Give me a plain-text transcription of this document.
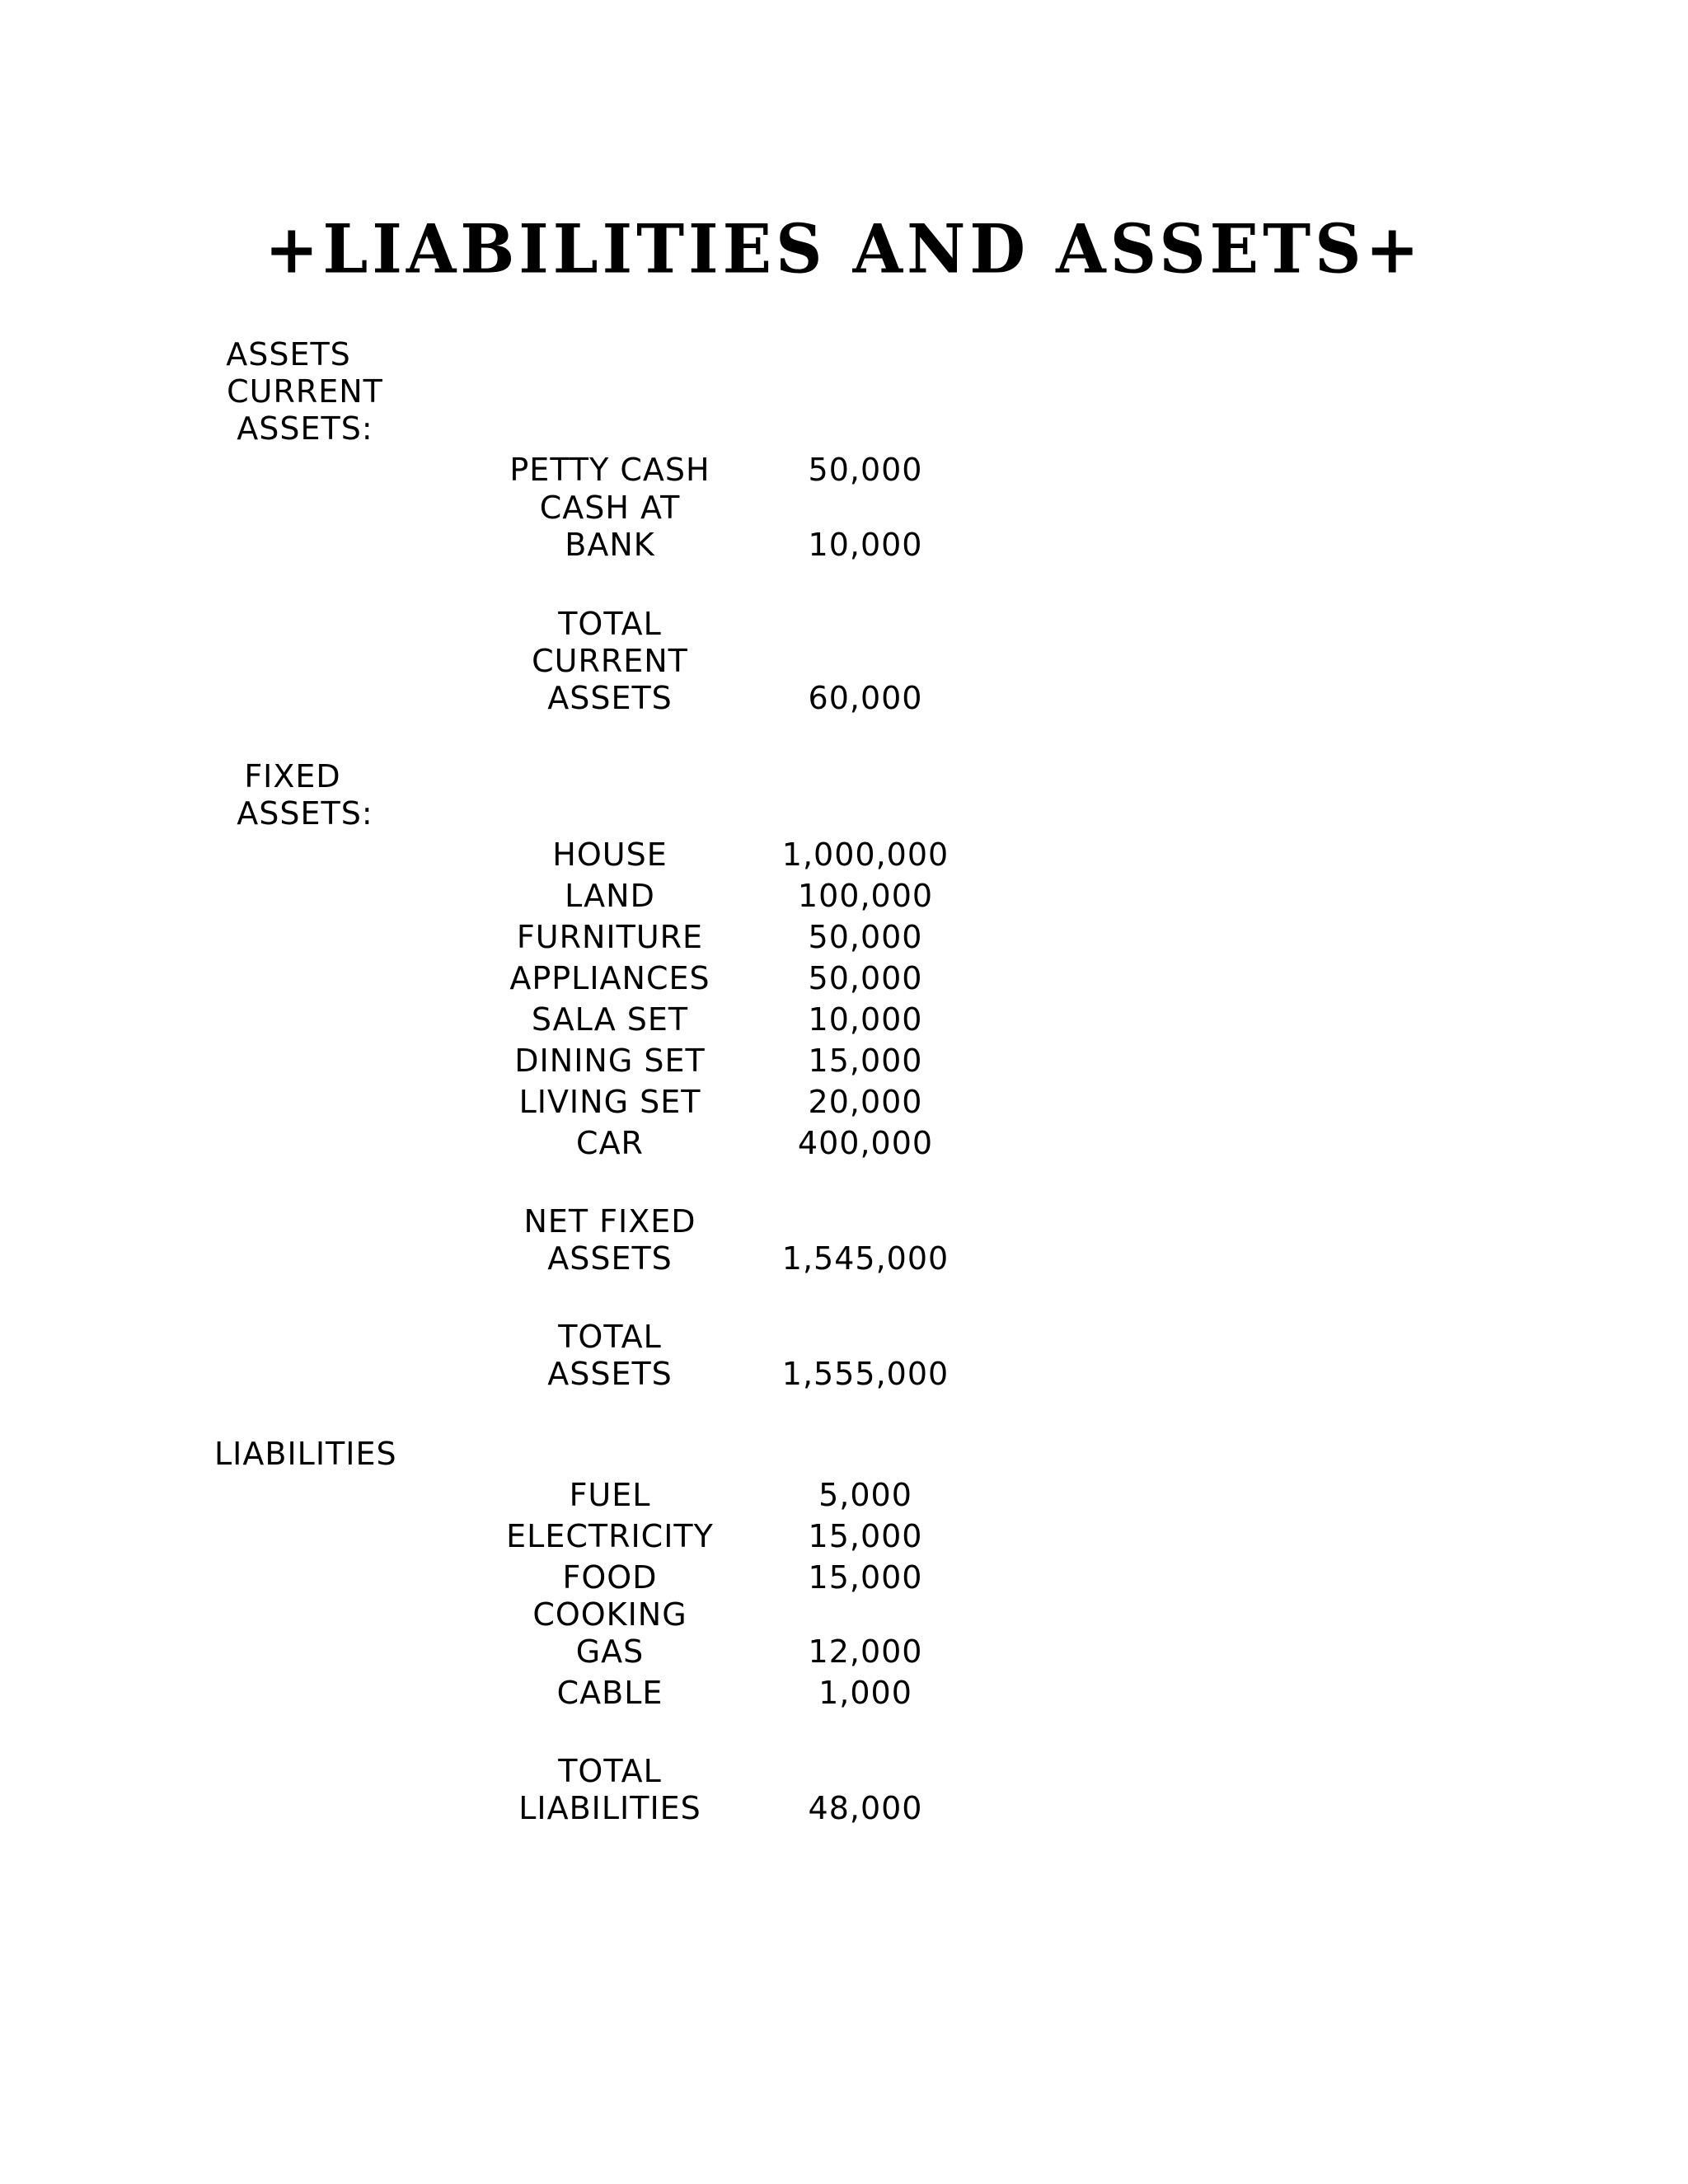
+LIABILITIES AND ASSETS+
ASSETS
CURRENT
ASSETS:
PETTY CASH	50,000
CASH AT
BANK	10,000
TOTAL
CURRENT
ASSETS	60,000
FIXED
ASSETS:
HOUSE	1,000,000
LAND	100,000
FURNITURE	50,000
APPLIANCES	50,000
SALA SET	10,000
DINING SET	15,000
LIVING SET	20,000
CAR	400,000
NET FIXED
ASSETS	1,545,000
TOTAL
ASSETS	1,555,000
LIABILITIES
FUEL	5,000
ELECTRICITY	15,000
FOOD	15,000
COOKING
GAS	12,000
CABLE	1,000
TOTAL
LIABILITIES	48,000
